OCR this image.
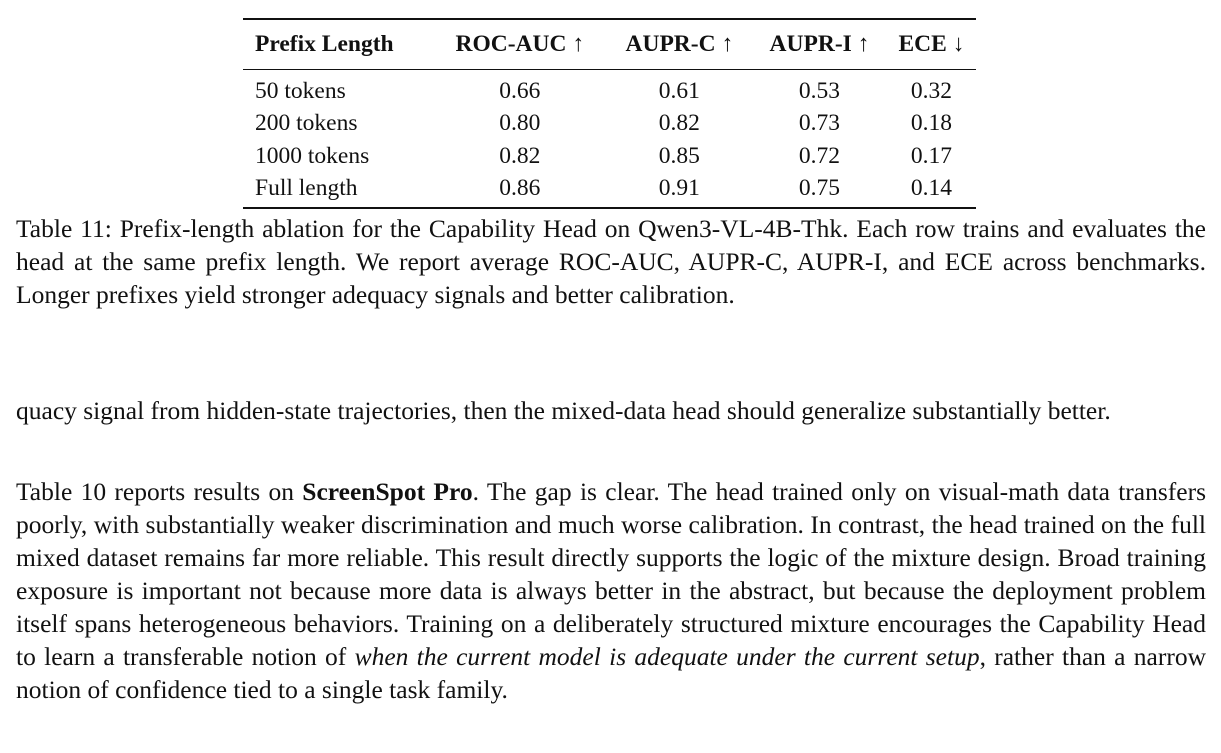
Prefix Length	ROC-AUC ↑	AUPR-C ↑	AUPR-I ↑	ECE ↓
50 tokens	0.66	0.61	0.53	0.32
200 tokens	0.80	0.82	0.73	0.18
1000 tokens	0.82	0.85	0.72	0.17
Full length	0.86	0.91	0.75	0.14
Table 11: Prefix-length ablation for the Capability Head on Qwen3-VL-4B-Thk. Each row trains and evaluates the head at the same prefix length. We report average ROC-AUC, AUPR-C, AUPR-I, and ECE across benchmarks. Longer prefixes yield stronger adequacy signals and better calibration.
quacy signal from hidden-state trajectories, then the mixed-data head should generalize substantially better.
Table 10 reports results on ScreenSpot Pro. The gap is clear. The head trained only on visual-math data transfers poorly, with substantially weaker discrimination and much worse calibration. In contrast, the head trained on the full mixed dataset remains far more reliable. This result directly supports the logic of the mixture design. Broad training exposure is important not because more data is always better in the abstract, but because the deployment problem itself spans heterogeneous behaviors. Training on a deliberately structured mixture encourages the Capability Head to learn a transferable notion of when the current model is adequate under the current setup, rather than a narrow notion of confidence tied to a single task family.
